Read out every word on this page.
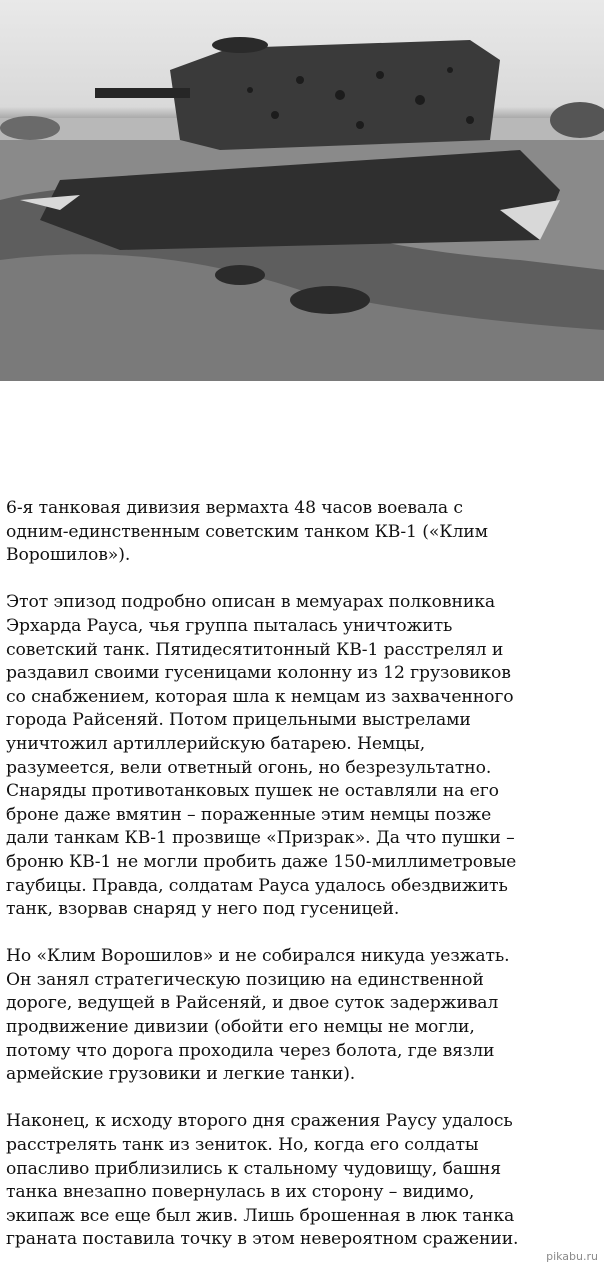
6-я танковая дивизия вермахта 48 часов воевала с
одним-единственным советским танком КВ-1 («Клим
Ворошилов»).

Этот эпизод подробно описан в мемуарах полковника
Эрхарда Рауса, чья группа пыталась уничтожить
советский танк. Пятидесятитонный КВ-1 расстрелял и
раздавил своими гусеницами колонну из 12 грузовиков
со снабжением, которая шла к немцам из захваченного
города Райсеняй. Потом прицельными выстрелами
уничтожил артиллерийскую батарею. Немцы,
разумеется, вели ответный огонь, но безрезультатно.
Снаряды противотанковых пушек не оставляли на его
броне даже вмятин – пораженные этим немцы позже
дали танкам КВ-1 прозвище «Призрак». Да что пушки –
броню КВ-1 не могли пробить даже 150-миллиметровые
гаубицы. Правда, солдатам Рауса удалось обездвижить
танк, взорвав снаряд у него под гусеницей.

Но «Клим Ворошилов» и не собирался никуда уезжать.
Он занял стратегическую позицию на единственной
дороге, ведущей в Райсеняй, и двое суток задерживал
продвижение дивизии (обойти его немцы не могли,
потому что дорога проходила через болота, где вязли
армейские грузовики и легкие танки).

Наконец, к исходу второго дня сражения Раусу удалось
расстрелять танк из зениток. Но, когда его солдаты
опасливо приблизились к стальному чудовищу, башня
танка внезапно повернулась в их сторону – видимо,
экипаж все еще был жив. Лишь брошенная в люк танка
граната поставила точку в этом невероятном сражении.

pikabu.ru
